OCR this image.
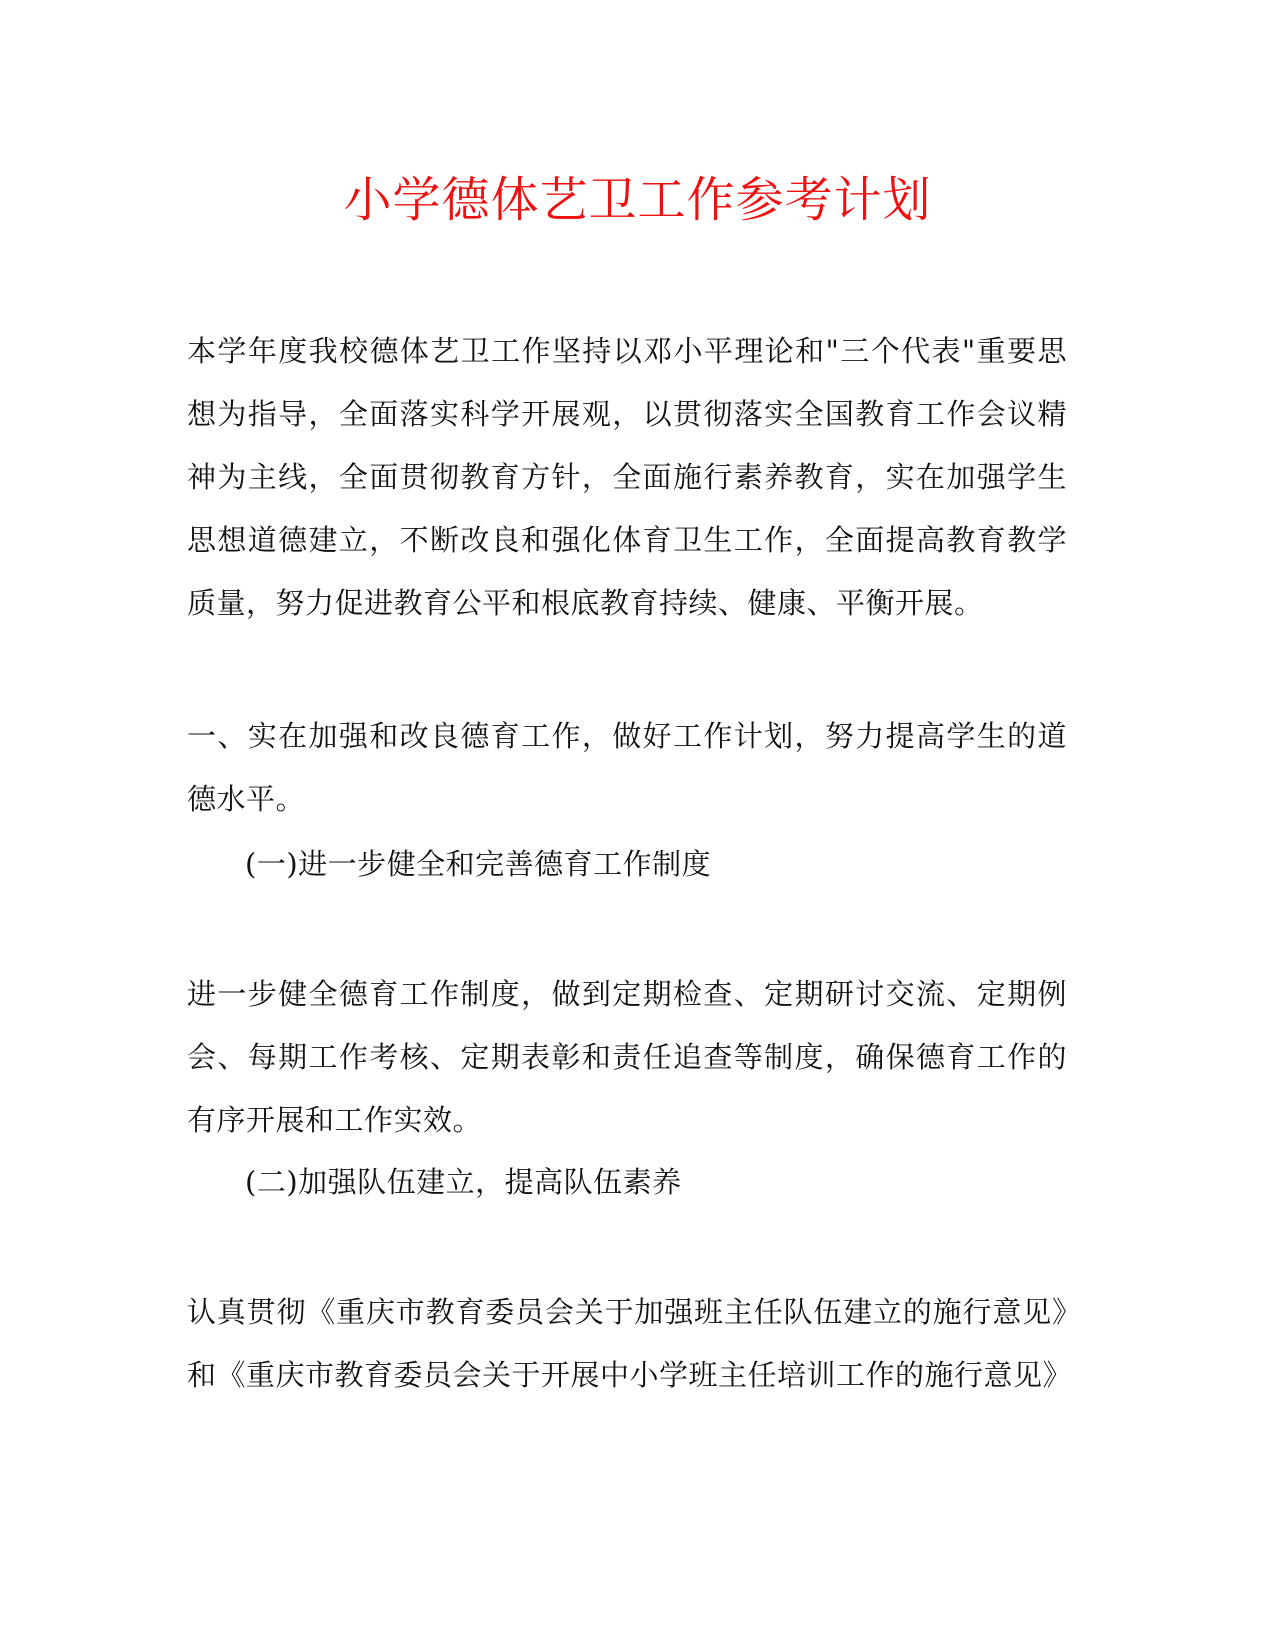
小学德体艺卫工作参考计划

本学年度我校德体艺卫工作坚持以邓小平理论和"三个代表"重要思想为指导，全面落实科学开展观，以贯彻落实全国教育工作会议精神为主线，全面贯彻教育方针，全面施行素养教育，实在加强学生思想道德建立，不断改良和强化体育卫生工作，全面提高教育教学质量，努力促进教育公平和根底教育持续、健康、平衡开展。

一、实在加强和改良德育工作，做好工作计划，努力提高学生的道德水平。

(一)进一步健全和完善德育工作制度

进一步健全德育工作制度，做到定期检查、定期研讨交流、定期例会、每期工作考核、定期表彰和责任追查等制度，确保德育工作的有序开展和工作实效。

(二)加强队伍建立，提高队伍素养

认真贯彻《重庆市教育委员会关于加强班主任队伍建立的施行意见》和《重庆市教育委员会关于开展中小学班主任培训工作的施行意见》
